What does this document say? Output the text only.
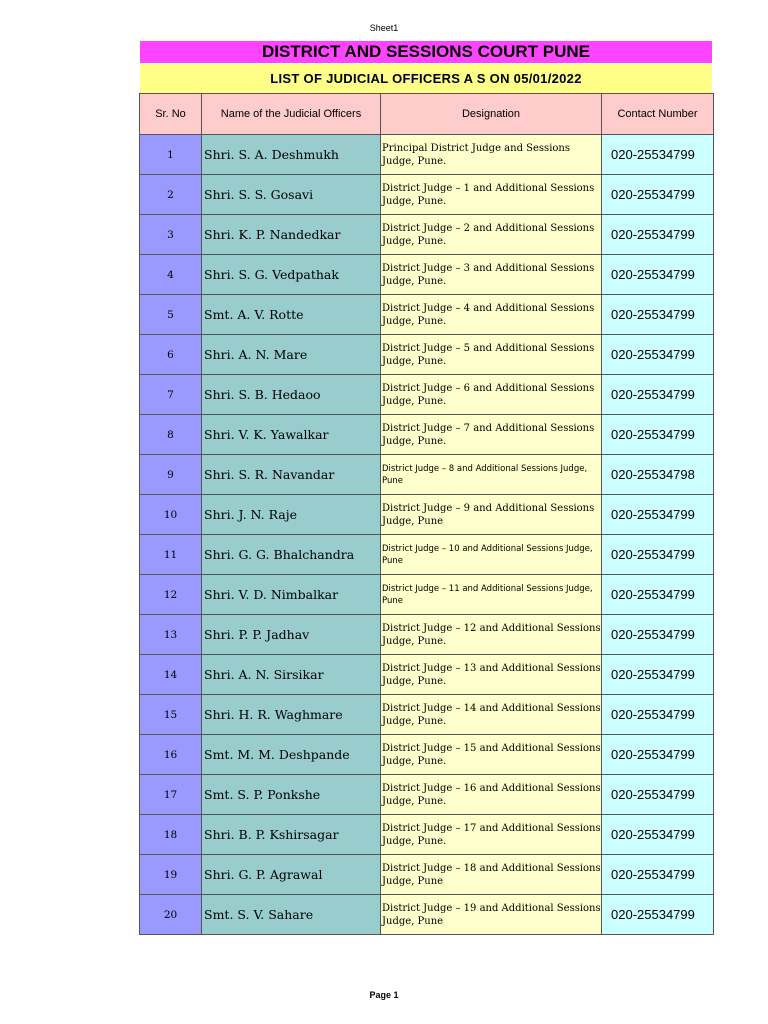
Sheet1
DISTRICT AND SESSIONS COURT PUNE
LIST OF JUDICIAL OFFICERS A S ON 05/01/2022
Sr. No	Name of the Judicial Officers	Designation	Contact Number
1	Shri. S. A. Deshmukh	Principal District Judge and Sessions Judge, Pune.	020-25534799
2	Shri. S. S. Gosavi	District Judge – 1 and Additional Sessions Judge, Pune.	020-25534799
3	Shri. K. P. Nandedkar	District Judge – 2 and Additional Sessions Judge, Pune.	020-25534799
4	Shri. S. G. Vedpathak	District Judge – 3 and Additional Sessions Judge, Pune.	020-25534799
5	Smt. A. V. Rotte	District Judge – 4 and Additional Sessions Judge, Pune.	020-25534799
6	Shri. A. N. Mare	District Judge – 5 and Additional Sessions Judge, Pune.	020-25534799
7	Shri. S. B. Hedaoo	District Judge – 6 and Additional Sessions Judge, Pune.	020-25534799
8	Shri. V. K. Yawalkar	District Judge – 7 and Additional Sessions Judge, Pune.	020-25534799
9	Shri. S. R. Navandar	District Judge – 8 and Additional Sessions Judge, Pune	020-25534798
10	Shri. J. N. Raje	District Judge – 9 and Additional Sessions Judge, Pune	020-25534799
11	Shri. G. G. Bhalchandra	District Judge – 10 and Additional Sessions Judge, Pune	020-25534799
12	Shri. V. D. Nimbalkar	District Judge – 11 and Additional Sessions Judge, Pune	020-25534799
13	Shri. P. P. Jadhav	District Judge – 12 and Additional Sessions Judge, Pune.	020-25534799
14	Shri. A. N. Sirsikar	District Judge – 13 and Additional Sessions Judge, Pune.	020-25534799
15	Shri. H. R. Waghmare	District Judge – 14 and Additional Sessions Judge, Pune.	020-25534799
16	Smt. M. M. Deshpande	District Judge – 15 and Additional Sessions Judge, Pune.	020-25534799
17	Smt. S. P. Ponkshe	District Judge – 16 and Additional Sessions Judge, Pune.	020-25534799
18	Shri. B. P. Kshirsagar	District Judge – 17 and Additional Sessions Judge, Pune.	020-25534799
19	Shri. G. P. Agrawal	District Judge – 18 and Additional Sessions Judge, Pune	020-25534799
20	Smt. S. V. Sahare	District Judge – 19 and Additional Sessions Judge, Pune	020-25534799
Page 1
